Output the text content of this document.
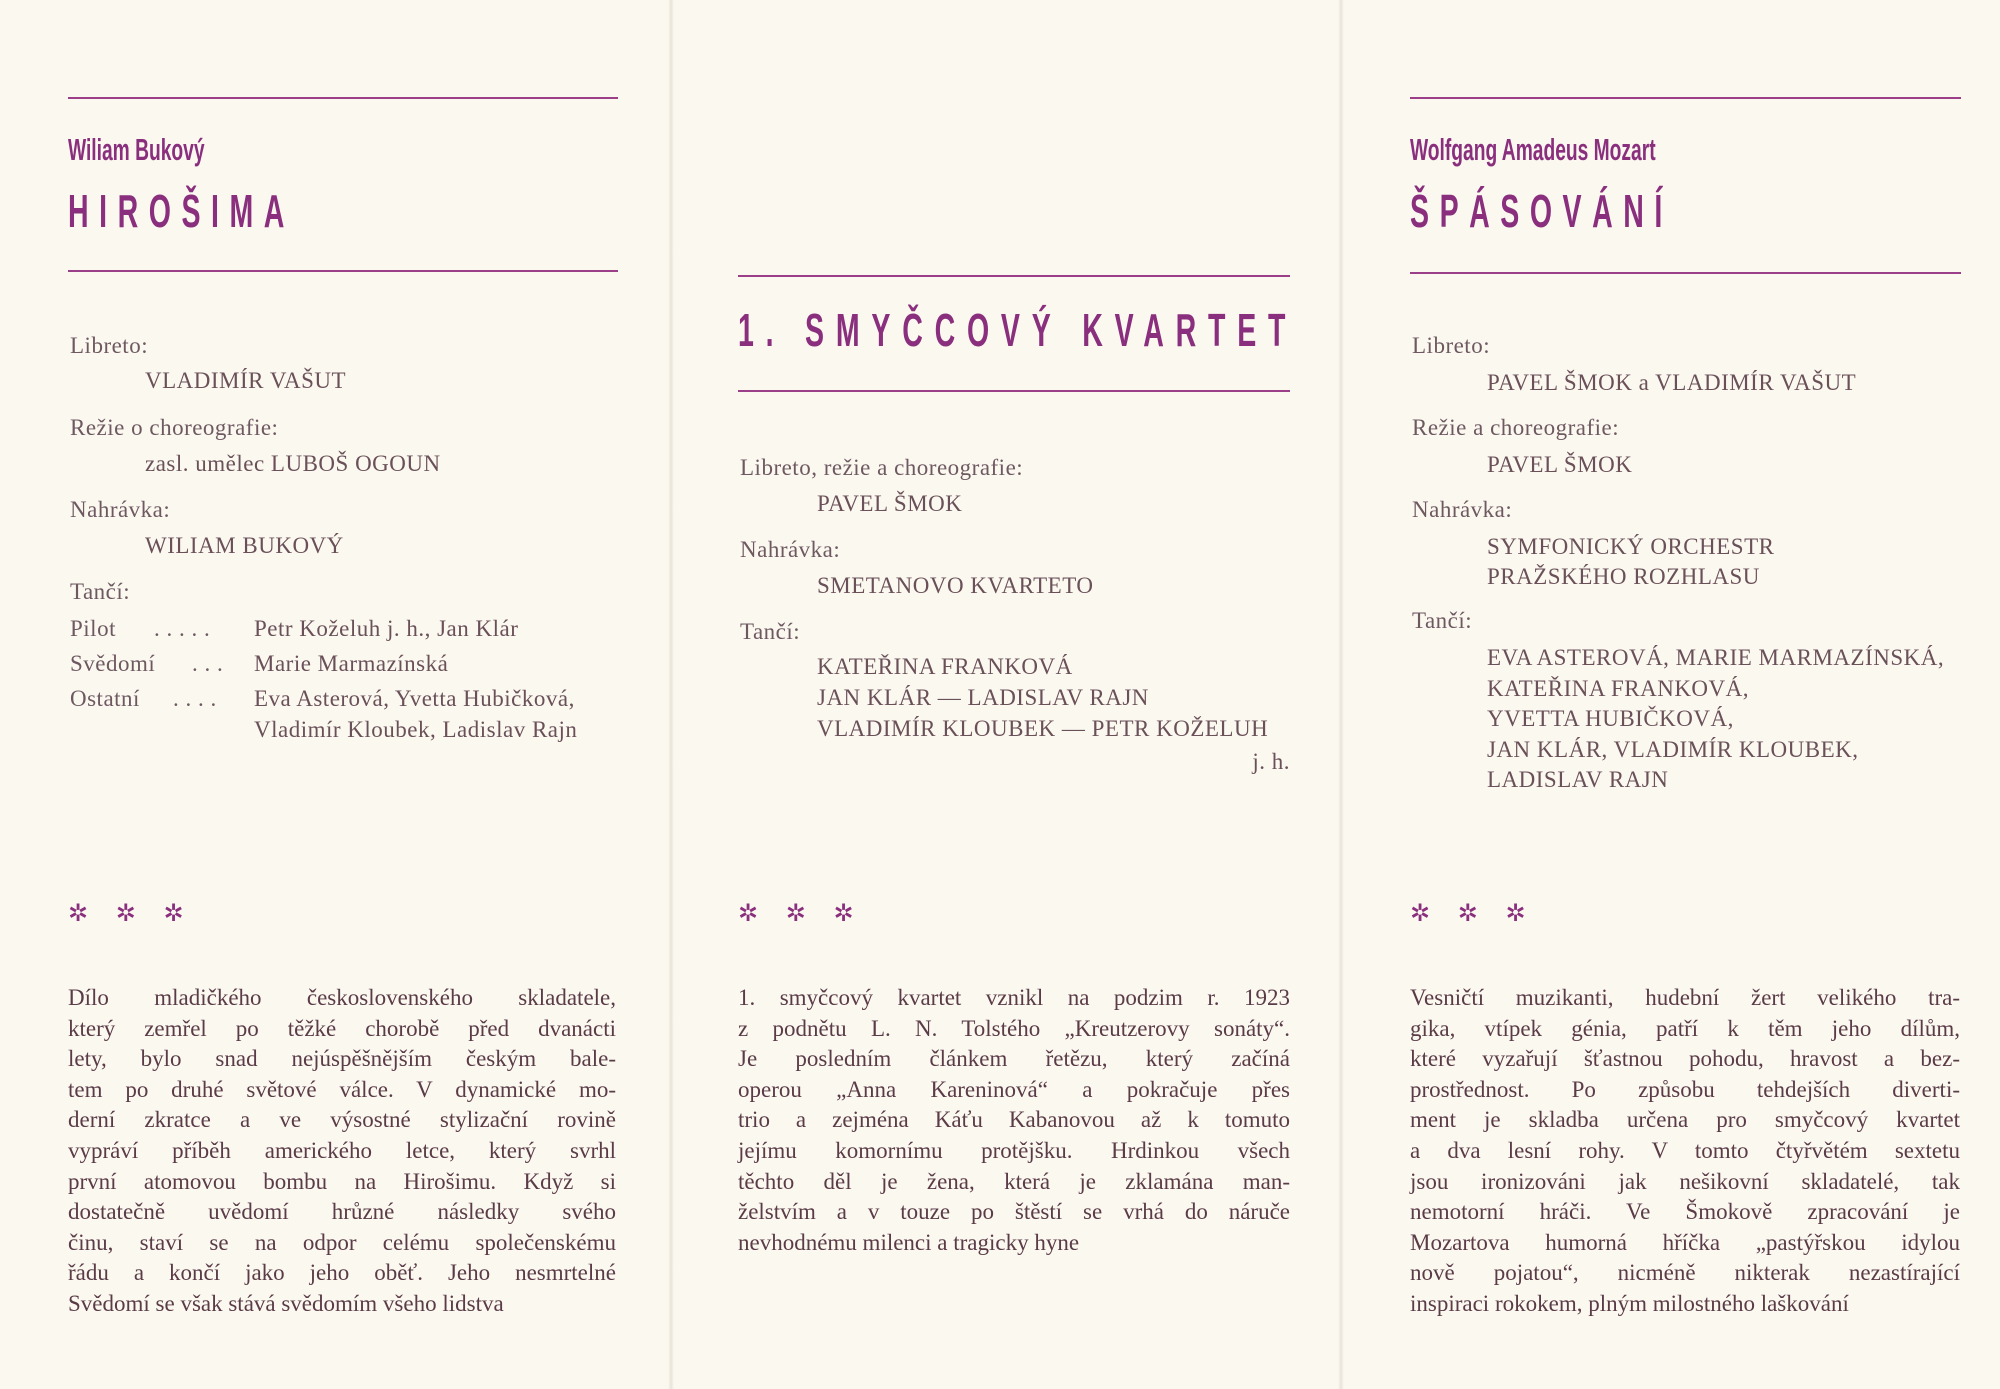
Wiliam Bukový
HIROŠIMA
Libreto:
VLADIMÍR VAŠUT
Režie o choreografie:
zasl. umělec LUBOŠ OGOUN
Nahrávka:
WILIAM BUKOVÝ
Tančí:
Pilot . . . . . Petr Koželuh j. h., Jan Klár
Svědomí . . . Marie Marmazínská
Ostatní . . . . Eva Asterová, Yvetta Hubičková,
Vladimír Kloubek, Ladislav Rajn
✲ ✲ ✲
Dílo mladičkého československého skladatele,
který zemřel po těžké chorobě před dvanácti
lety, bylo snad nejúspěšnějším českým bale-
tem po druhé světové válce. V dynamické mo-
derní zkratce a ve výsostné stylizační rovině
vypráví příběh amerického letce, který svrhl
první atomovou bombu na Hirošimu. Když si
dostatečně uvědomí hrůzné následky svého
činu, staví se na odpor celému společenskému
řádu a končí jako jeho oběť. Jeho nesmrtelné
Svědomí se však stává svědomím všeho lidstva
1. SMYČCOVÝ KVARTET
Libreto, režie a choreografie:
PAVEL ŠMOK
Nahrávka:
SMETANOVO KVARTETO
Tančí:
KATEŘINA FRANKOVÁ
JAN KLÁR — LADISLAV RAJN
VLADIMÍR KLOUBEK — PETR KOŽELUH
j. h.
✲ ✲ ✲
1. smyčcový kvartet vznikl na podzim r. 1923
z podnětu L. N. Tolstého „Kreutzerovy sonáty“.
Je posledním článkem řetězu, který začíná
operou „Anna Kareninová“ a pokračuje přes
trio a zejména Káťu Kabanovou až k tomuto
jejímu komornímu protějšku. Hrdinkou všech
těchto děl je žena, která je zklamána man-
želstvím a v touze po štěstí se vrhá do náruče
nevhodnému milenci a tragicky hyne
Wolfgang Amadeus Mozart
ŠPÁSOVÁNÍ
Libreto:
PAVEL ŠMOK a VLADIMÍR VAŠUT
Režie a choreografie:
PAVEL ŠMOK
Nahrávka:
SYMFONICKÝ ORCHESTR
PRAŽSKÉHO ROZHLASU
Tančí:
EVA ASTEROVÁ, MARIE MARMAZÍNSKÁ,
KATEŘINA FRANKOVÁ,
YVETTA HUBIČKOVÁ,
JAN KLÁR, VLADIMÍR KLOUBEK,
LADISLAV RAJN
✲ ✲ ✲
Vesničtí muzikanti, hudební žert velikého tra-
gika, vtípek génia, patří k těm jeho dílům,
které vyzařují šťastnou pohodu, hravost a bez-
prostřednost. Po způsobu tehdejších diverti-
ment je skladba určena pro smyčcový kvartet
a dva lesní rohy. V tomto čtyřvětém sextetu
jsou ironizováni jak nešikovní skladatelé, tak
nemotorní hráči. Ve Šmokově zpracování je
Mozartova humorná hříčka „pastýřskou idylou
nově pojatou“, nicméně nikterak nezastírající
inspiraci rokokem, plným milostného laškování
